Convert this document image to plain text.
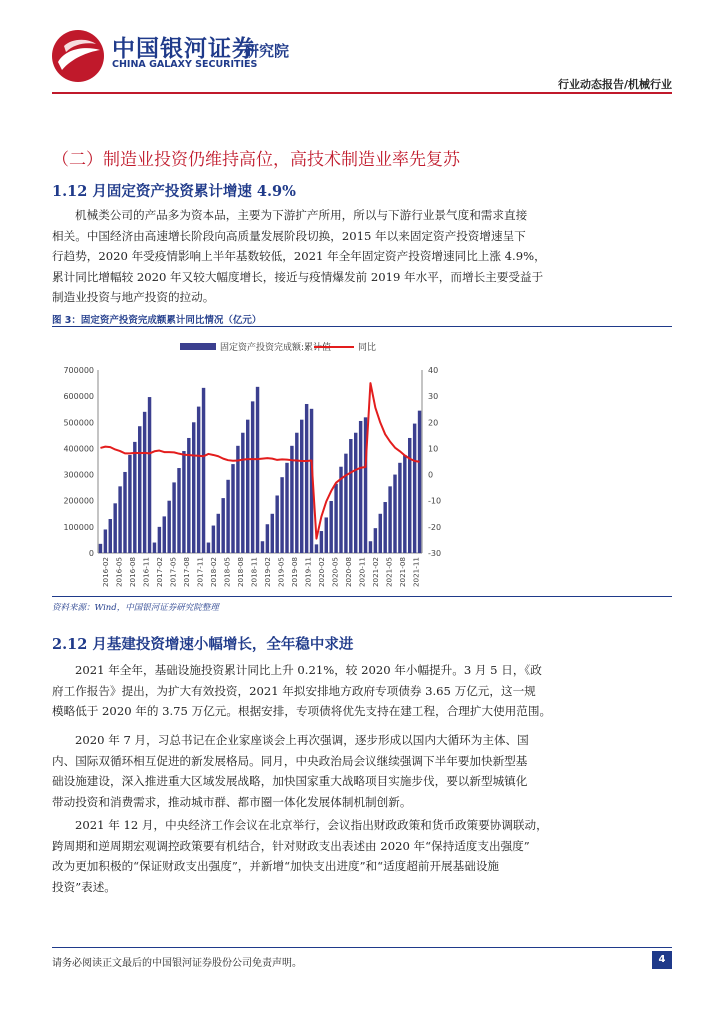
中国银河证券
CHINA GALAXY SECURITIES
研究院
行业动态报告/机械行业
（二）制造业投资仍维持高位，高技术制造业率先复苏
1.12 月固定资产投资累计增速 4.9%
机械类公司的产品多为资本品，主要为下游扩产所用，所以与下游行业景气度和需求直接
相关。中国经济由高速增长阶段向高质量发展阶段切换，2015 年以来固定资产投资增速呈下
行趋势，2020 年受疫情影响上半年基数较低，2021 年全年固定资产投资增速同比上涨 4.9%，
累计同比增幅较 2020 年又较大幅度增长，接近与疫情爆发前 2019 年水平，而增长主要受益于
制造业投资与地产投资的拉动。
图 3：固定资产投资完成额累计同比情况（亿元）
固定资产投资完成额:累计值	同比
700000
600000
500000
400000
300000
200000
100000
0
40
30
20
10
0
-10
-20
-30
2016-02 2016-05 2016-08 2016-11 2017-02 2017-05 2017-08 2017-11 2018-02 2018-05 2018-08 2018-11 2019-02 2019-05 2019-08 2019-11 2020-02 2020-05 2020-08 2020-11 2021-02 2021-05 2021-08 2021-11
资料来源：Wind，中国银河证券研究院整理
2.12 月基建投资增速小幅增长，全年稳中求进
2021 年全年，基础设施投资累计同比上升 0.21%，较 2020 年小幅提升。3 月 5 日，《政
府工作报告》提出，为扩大有效投资，2021 年拟安排地方政府专项债券 3.65 万亿元，这一规
模略低于 2020 年的 3.75 万亿元。根据安排，专项债将优先支持在建工程，合理扩大使用范围。
2020 年 7 月，习总书记在企业家座谈会上再次强调，逐步形成以国内大循环为主体、国
内、国际双循环相互促进的新发展格局。同月，中央政治局会议继续强调下半年要加快新型基
础设施建设，深入推进重大区域发展战略，加快国家重大战略项目实施步伐，要以新型城镇化
带动投资和消费需求，推动城市群、都市圈一体化发展体制机制创新。
2021 年 12 月，中央经济工作会议在北京举行，会议指出财政政策和货币政策要协调联动，
跨周期和逆周期宏观调控政策要有机结合，针对财政支出表述由 2020 年“保持适度支出强度”
改为更加积极的“保证财政支出强度”，并新增“加快支出进度”和“适度超前开展基础设施
投资”表述。
请务必阅读正文最后的中国银河证券股份公司免责声明。	4
